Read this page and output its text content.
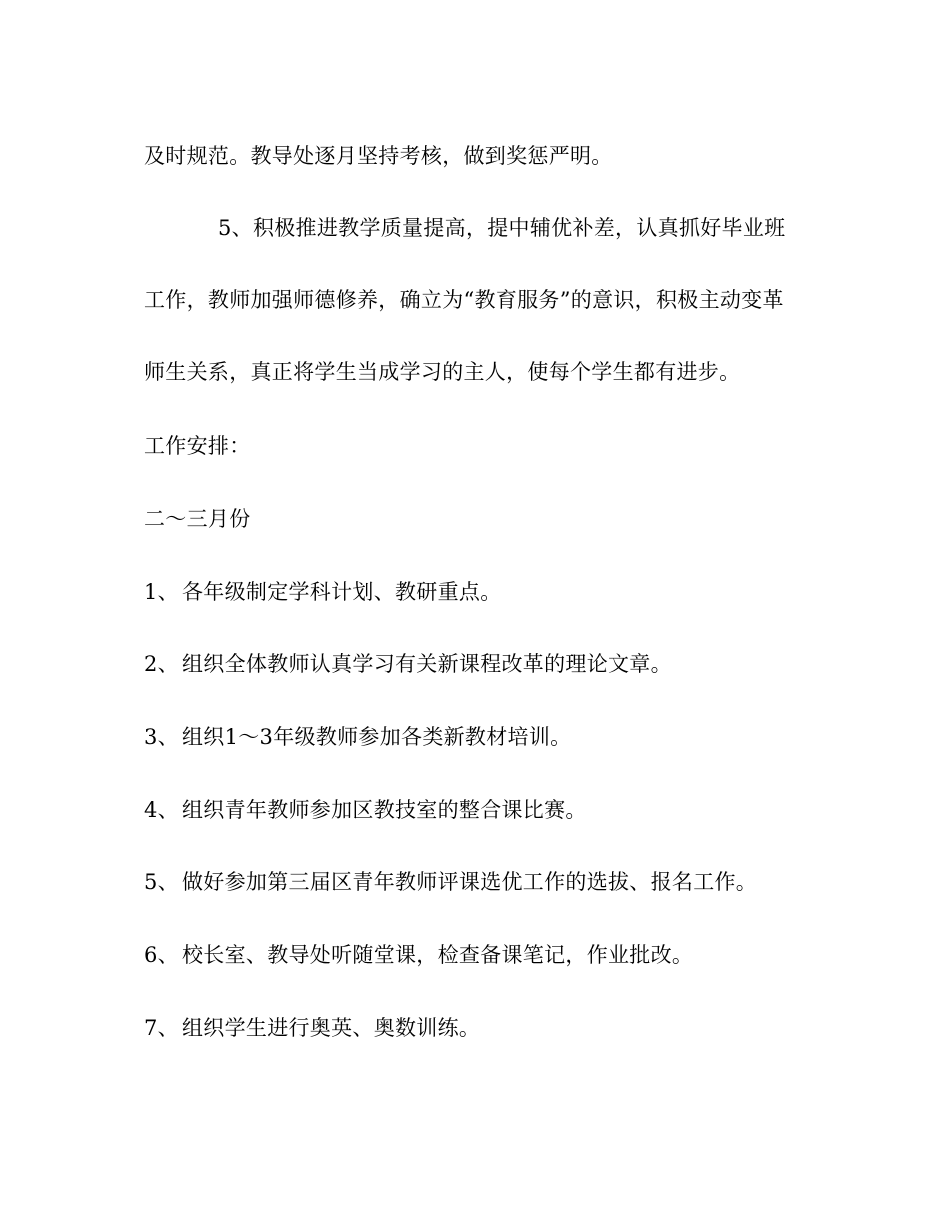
及时规范。教导处逐月坚持考核，做到奖惩严明。
5、积极推进教学质量提高，提中辅优补差，认真抓好毕业班
工作，教师加强师德修养，确立为“教育服务”的意识，积极主动变革
师生关系，真正将学生当成学习的主人，使每个学生都有进步。
工作安排：
二～三月份
1、 各年级制定学科计划、教研重点。
2、 组织全体教师认真学习有关新课程改革的理论文章。
3、 组织1～3年级教师参加各类新教材培训。
4、 组织青年教师参加区教技室的整合课比赛。
5、 做好参加第三届区青年教师评课选优工作的选拔、报名工作。
6、 校长室、教导处听随堂课，检查备课笔记，作业批改。
7、 组织学生进行奥英、奥数训练。
